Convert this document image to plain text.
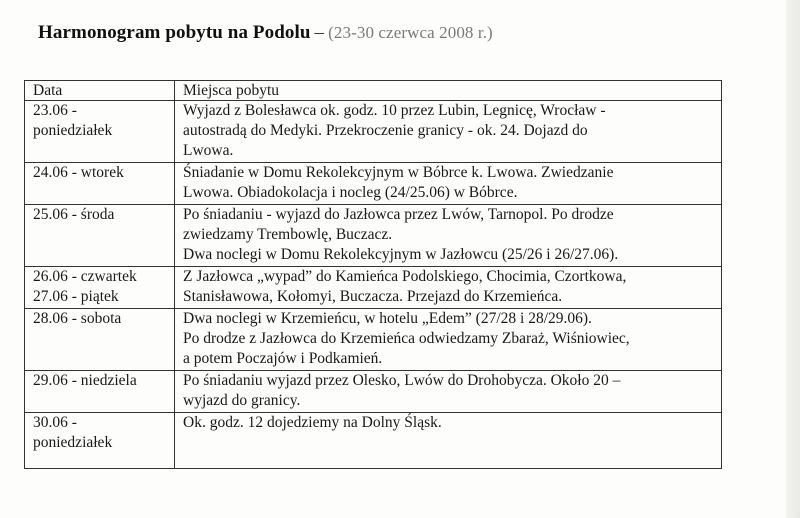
Harmonogram pobytu na Podolu – (23-30 czerwca 2008 r.)
Data	Miejsca pobytu

23.06 -
poniedziałek	Wyjazd z Bolesławca ok. godz. 10 przez Lubin, Legnicę, Wrocław -
autostradą do Medyki. Przekroczenie granicy - ok. 24. Dojazd do
Lwowa.

24.06 - wtorek	Śniadanie w Domu Rekolekcyjnym w Bóbrce k. Lwowa. Zwiedzanie
Lwowa. Obiadokolacja i nocleg (24/25.06) w Bóbrce.

25.06 - środa	Po śniadaniu - wyjazd do Jazłowca przez Lwów, Tarnopol. Po drodze
zwiedzamy Trembowlę, Buczacz.
Dwa noclegi w Domu Rekolekcyjnym w Jazłowcu (25/26 i 26/27.06).

26.06 - czwartek
27.06 - piątek	Z Jazłowca „wypad” do Kamieńca Podolskiego, Chocimia, Czortkowa,
Stanisławowa, Kołomyi, Buczacza. Przejazd do Krzemieńca.

28.06 - sobota	Dwa noclegi w Krzemieńcu, w hotelu „Edem” (27/28 i 28/29.06).
Po drodze z Jazłowca do Krzemieńca odwiedzamy Zbaraż, Wiśniowiec,
a potem Poczajów i Podkamień.

29.06 - niedziela	Po śniadaniu wyjazd przez Olesko, Lwów do Drohobycza. Około 20 –
wyjazd do granicy.

30.06 -
poniedziałek	Ok. godz. 12 dojedziemy na Dolny Śląsk.
